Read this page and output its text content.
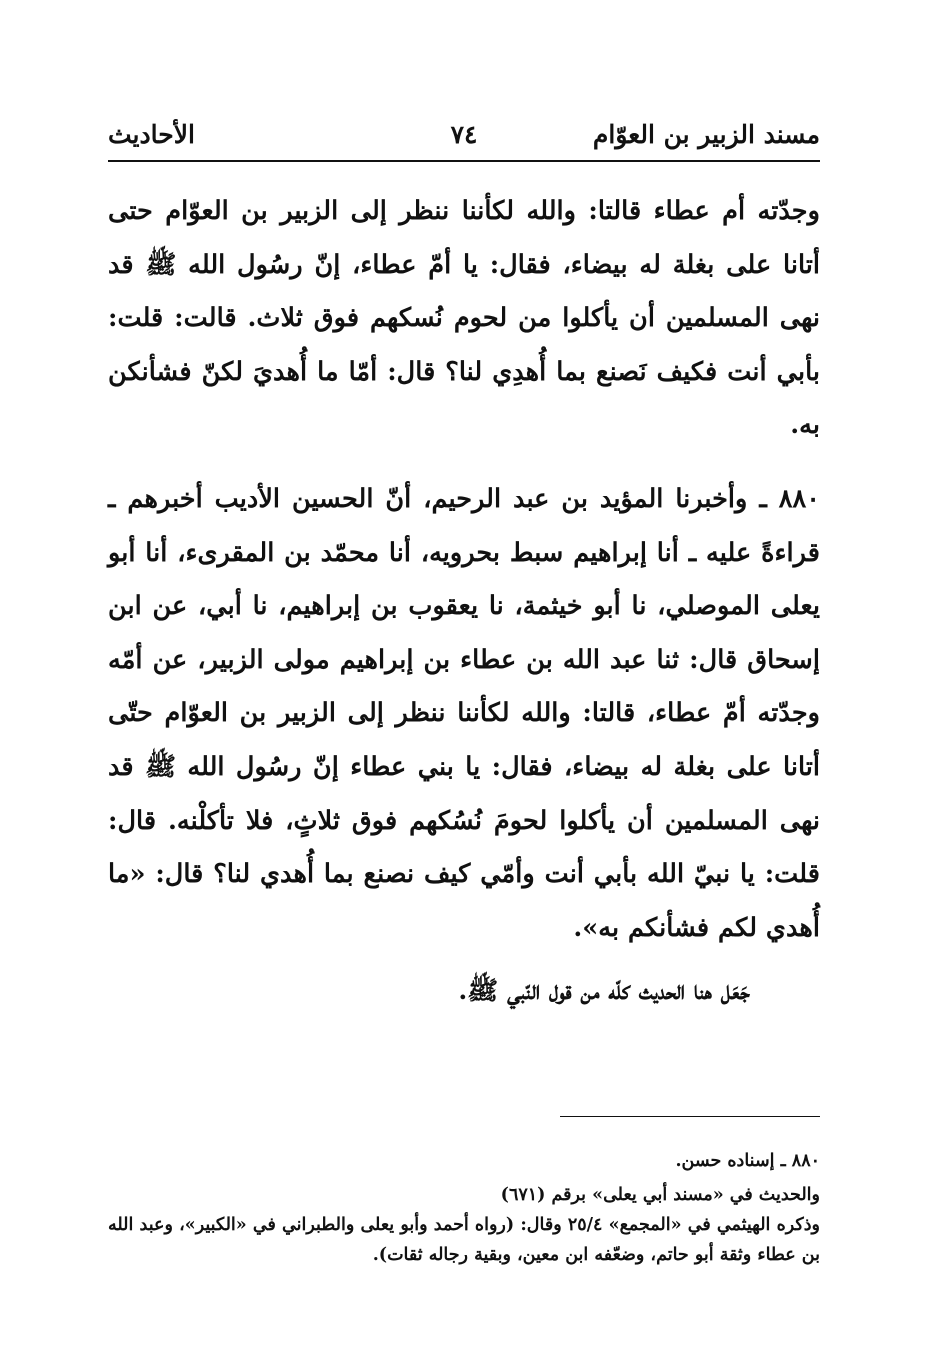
مسند الزبير بن العوّام
٧٤
الأحاديث

وجدّته أم عطاء قالتا: والله لكأننا ننظر إلى الزبير بن العوّام حتى أتانا على بغلة له بيضاء، فقال: يا أمّ عطاء، إنّ رسُول الله ﷺ قد نهى المسلمين أن يأكلوا من لحوم نُسكهم فوق ثلاث. قالت: قلت: بأبي أنت فكيف نَصنع بما أُهدِي لنا؟ قال: أمّا ما أُهديَ لكنّ فشأنكن به.

٨٨٠ ـ وأخبرنا المؤيد بن عبد الرحيم، أنّ الحسين الأديب أخبرهم ـ قراءةً عليه ـ أنا إبراهيم سبط بحرويه، أنا محمّد بن المقرىء، أنا أبو يعلى الموصلي، نا أبو خيثمة، نا يعقوب بن إبراهيم، نا أبي، عن ابن إسحاق قال: ثنا عبد الله بن عطاء بن إبراهيم مولى الزبير، عن أمّه وجدّته أمّ عطاء، قالتا: والله لكأننا ننظر إلى الزبير بن العوّام حتّى أتانا على بغلة له بيضاء، فقال: يا بني عطاء إنّ رسُول الله ﷺ قد نهى المسلمين أن يأكلوا لحومَ نُسُكهم فوق ثلاثٍ، فلا تأكلْنه. قال: قلت: يا نبيّ الله بأبي أنت وأمّي كيف نصنع بما أُهدي لنا؟ قال: «ما أُهدي لكم فشأنكم به».

جَعَل هنا الحديث كلّه من قول النّبي ﷺ.

٨٨٠ ـ إسناده حسن.

والحديث في «مسند أبي يعلى» برقم (٦٧١)

وذكره الهيثمي في «المجمع» ٢٥/٤ وقال: (رواه أحمد وأبو يعلى والطبراني في «الكبير»، وعبد الله بن عطاء وثقة أبو حاتم، وضعّفه ابن معين، وبقية رجاله ثقات).
